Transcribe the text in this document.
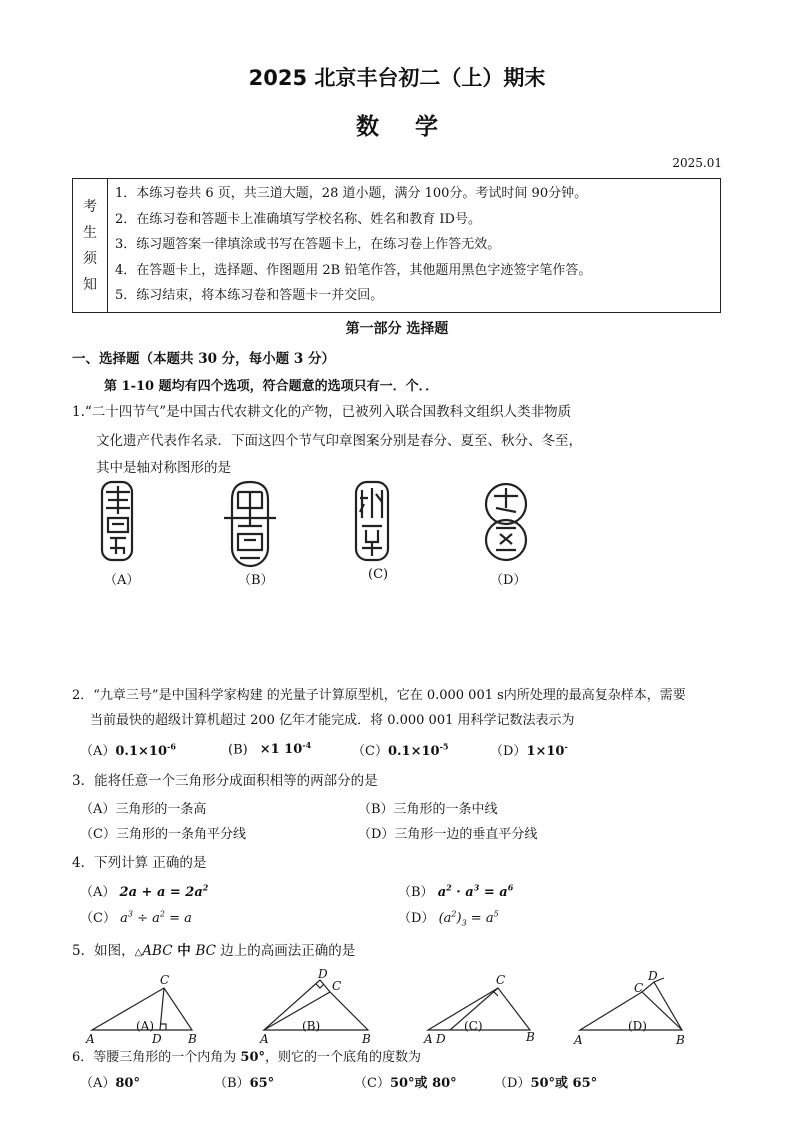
2025 北京丰台初二（上）期末
数学
2025.01
考
生
须
知
1．本练习卷共 6 页，共三道大题，28 道小题，满分 100分。考试时间 90分钟。
2．在练习卷和答题卡上准确填写学校名称、姓名和教育 ID号。
3．练习题答案一律填涂或书写在答题卡上，在练习卷上作答无效。
4．在答题卡上，选择题、作图题用 2B 铅笔作答，其他题用黑色字迹签字笔作答。
5．练习结束，将本练习卷和答题卡一并交回。
第一部分 选择题
一、选择题（本题共 30 分，每小题 3 分）
第 1-10 题均有四个选项，符合题意的选项只有一．个．．
1.“二十四节气”是中国古代农耕文化的产物，已被列入联合国教科文组织人类非物质
文化遗产代表作名录．下面这四个节气印章图案分别是春分、夏至、秋分、冬至，
其中是轴对称图形的是
（A）	（B）	(C)	（D）
2．“九章三号”是中国科学家构建 的光量子计算原型机，它在 0.000 001 s内所处理的最高复杂样本，需要
当前最快的超级计算机超过 200 亿年才能完成．将 0.000 001 用科学记数法表示为
$(A)0.1\times 10^{-6}$	(B) ×1 $10^{-4}$	$(C)0.1\times 10^{-5}$	（D）1×10-
3．能将任意一个三角形分成面积相等的两部分的是
（A）三角形的一条高	（B）三角形的一条中线
（C）三角形的一条角平分线	（D）三角形一边的垂直平分线
4．下列计算 正确的是
（A） $2a + a = 2a^2$	（B） $a^2 \cdot a^3 = a^6$
（C） $a^3 \div a^2 = a$	（D） $(a^2)_3 = a^5$
5．如图，△ABC 中 BC 边上的高画法正确的是
C
A	D B
(A)
D
C
A	B
(B)
C
A D	B
(C)
D
C
A	B
(D)
6．等腰三角形的一个内角为 50°，则它的一个底角的度数为
（A）80°	（B）65°	（C）50°或 80°	（D）50°或 65°
